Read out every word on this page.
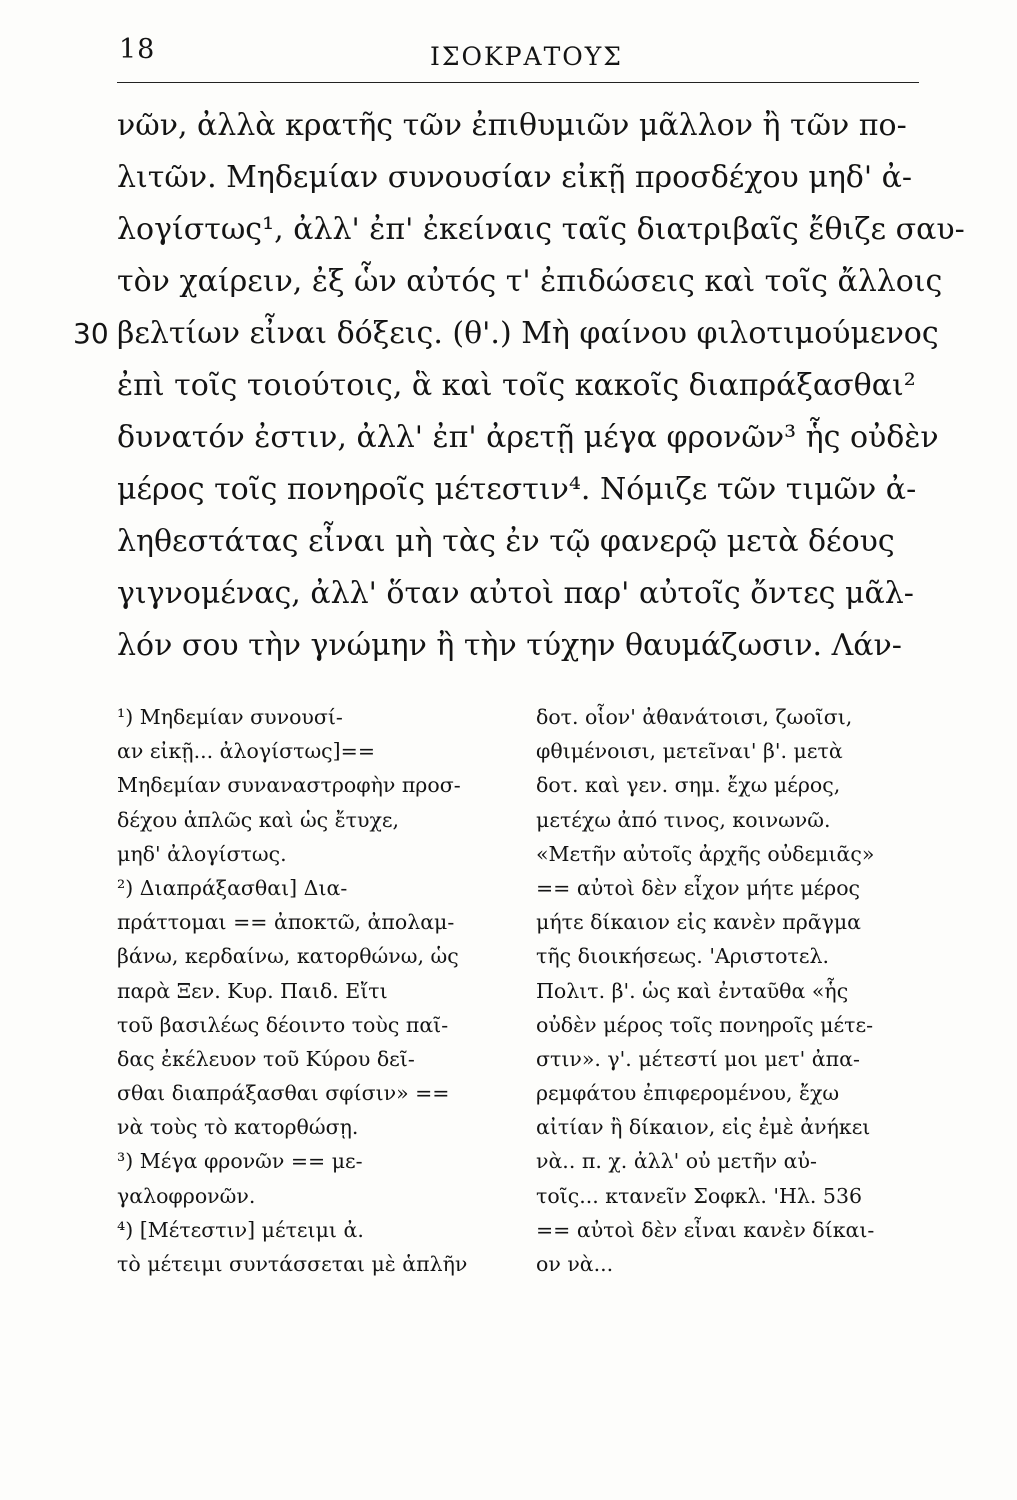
18	ΙΣΟΚΡΑΤΟΥΣ
νῶν, ἀλλὰ κρατῆς τῶν ἐπιθυμιῶν μᾶλλον ἢ τῶν πο-
λιτῶν. Μηδεμίαν συνουσίαν εἰκῇ προσδέχου μηδ' ἀ-
λογίστως¹, ἀλλ' ἐπ' ἐκείναις ταῖς διατριβαῖς ἔθιζε σαυ-
τὸν χαίρειν, ἐξ ὧν αὐτός τ' ἐπιδώσεις καὶ τοῖς ἄλλοις
30 βελτίων εἶναι δόξεις. (θ'.) Μὴ φαίνου φιλοτιμούμενος
ἐπὶ τοῖς τοιούτοις, ἃ καὶ τοῖς κακοῖς διαπράξασθαι²
δυνατόν ἐστιν, ἀλλ' ἐπ' ἀρετῇ μέγα φρονῶν³ ἧς οὐδὲν
μέρος τοῖς πονηροῖς μέτεστιν⁴. Νόμιζε τῶν τιμῶν ἀ-
ληθεστάτας εἶναι μὴ τὰς ἐν τῷ φανερῷ μετὰ δέους
γιγνομένας, ἀλλ' ὅταν αὐτοὶ παρ' αὐτοῖς ὄντες μᾶλ-
λόν σου τὴν γνώμην ἢ τὴν τύχην θαυμάζωσιν. Λάν-
¹) Μηδεμίαν συνουσί-
αν εἰκῇ... ἀλογίστως]==
Μηδεμίαν συναναστροφὴν προσ-
δέχου ἁπλῶς καὶ ὡς ἔτυχε,
μηδ' ἀλογίστως.
²) Διαπράξασθαι] Δια-
πράττομαι == ἀποκτῶ, ἀπολαμ-
βάνω, κερδαίνω, κατορθώνω, ὡς
παρὰ Ξεν. Κυρ. Παιδ. Εἴτι
τοῦ βασιλέως δέοιντο τοὺς παῖ-
δας ἐκέλευον τοῦ Κύρου δεῖ-
σθαι διαπράξασθαι σφίσιν» ==
νὰ τοὺς τὸ κατορθώσῃ.
³) Μέγα φρονῶν == με-
γαλοφρονῶν.
⁴) [Μέτεστιν] μέτειμι ἀ.
τὸ μέτειμι συντάσσεται μὲ ἁπλῆν
δοτ. οἷον' ἀθανάτοισι, ζωοῖσι,
φθιμένοισι, μετεῖναι' β'. μετὰ
δοτ. καὶ γεν. σημ. ἔχω μέρος,
μετέχω ἀπό τινος, κοινωνῶ.
«Μετῆν αὐτοῖς ἀρχῆς οὐδεμιᾶς»
== αὐτοὶ δὲν εἶχον μήτε μέρος
μήτε δίκαιον εἰς κανὲν πρᾶγμα
τῆς διοικήσεως. 'Αριστοτελ.
Πολιτ. β'. ὡς καὶ ἐνταῦθα «ἧς
οὐδὲν μέρος τοῖς πονηροῖς μέτε-
στιν». γ'. μέτεστί μοι μετ' ἀπα-
ρεμφάτου ἐπιφερομένου, ἔχω
αἰτίαν ἢ δίκαιον, εἰς ἐμὲ ἀνήκει
νὰ.. π. χ. ἀλλ' οὐ μετῆν αὐ-
τοῖς... κτανεῖν Σοφκλ. 'Ηλ. 536
== αὐτοὶ δὲν εἶναι κανὲν δίκαι-
ον νὰ...
